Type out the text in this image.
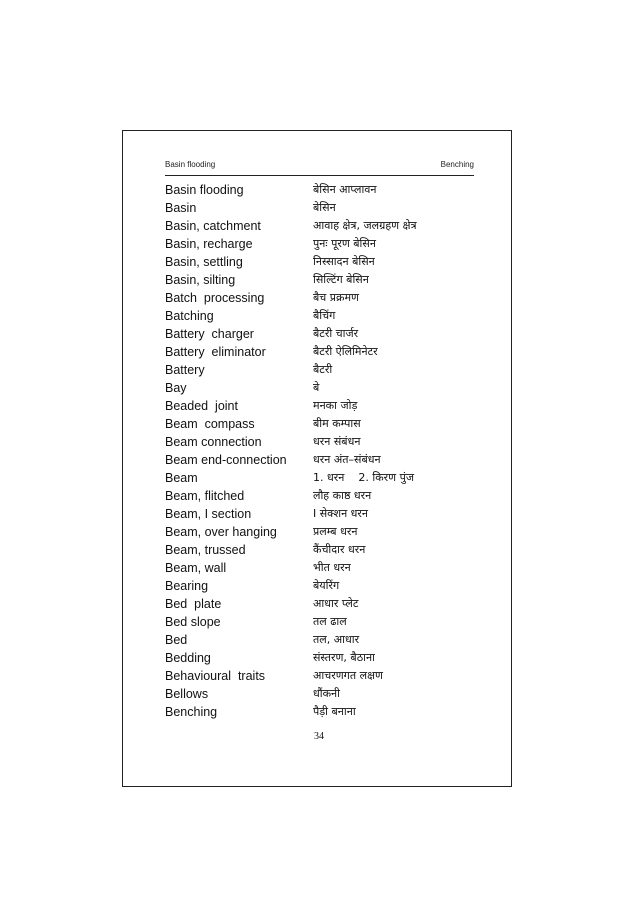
Basin flooding	Benching
Basin flooding	बेसिन आप्लावन
Basin	बेसिन
Basin, catchment	आवाह क्षेत्र, जलग्रहण क्षेत्र
Basin, recharge	पुनः पूरण बेसिन
Basin, settling	निस्सादन बेसिन
Basin, silting	सिल्टिंग बेसिन
Batch  processing	बैच प्रक्रमण
Batching	बैचिंग
Battery  charger	बैटरी चार्जर
Battery  eliminator	बैटरी ऐलिमिनेटर
Battery	बैटरी
Bay	बे
Beaded  joint	मनका जोड़
Beam  compass	बीम कम्पास
Beam connection	धरन संबंधन
Beam end-connection धरन अंत–संबंधन
Beam	1. धरन    2. किरण पुंज
Beam, flitched	लौह काष्ठ धरन
Beam, I section	I सेक्शन धरन
Beam, over hanging	प्रलम्ब धरन
Beam, trussed	कैंचीदार धरन
Beam, wall	भीत धरन
Bearing	बेयरिंग
Bed  plate	आधार प्लेट
Bed slope	तल ढाल
Bed	तल, आधार
Bedding	संस्तरण, बैठाना
Behavioural  traits	आचरणगत लक्षण
Bellows	धौंकनी
Benching	पैड़ी बनाना
34
